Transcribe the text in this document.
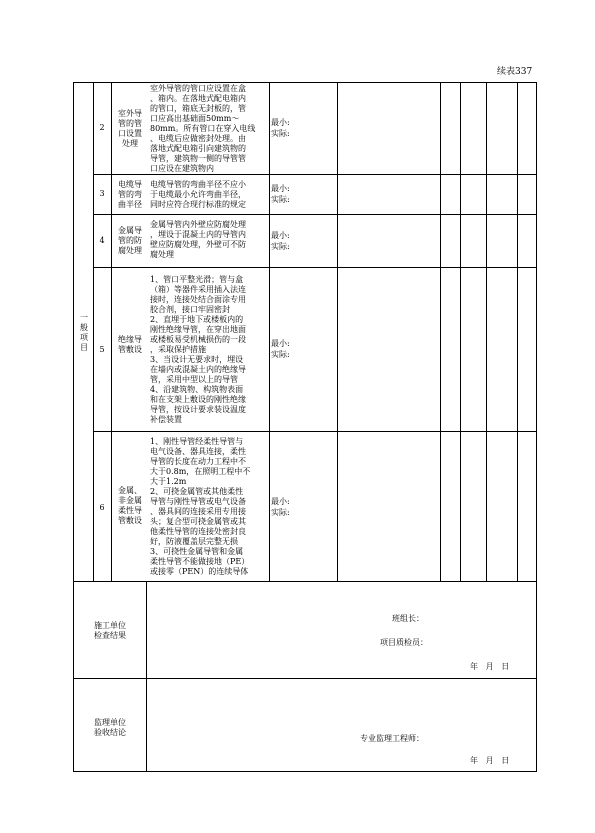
续表337
一
般
项
目
2
室外导
管的管
口设置
处理
室外导管的管口应设置在盒
、箱内。在落地式配电箱内
的管口，箱底无封板的，管
口应高出基础面50mm～
80mm。所有管口在穿入电线
、电缆后应做密封处理。由
落地式配电箱引向建筑物的
导管，建筑物一侧的导管管
口应设在建筑物内
最小:
实际:
3
电缆导
管的弯
曲半径
电缆导管的弯曲半径不应小
于电缆最小允许弯曲半径，
同时应符合现行标准的规定
最小:
实际:
4
金属导
管的防
腐处理
金属导管内外壁应防腐处理
，埋设于混凝土内的导管内
壁应防腐处理，外壁可不防
腐处理
最小:
实际:
5
绝缘导
管敷设
1、管口平整光滑；管与盒
（箱）等器件采用插入法连
接时，连接处结合面涂专用
胶合剂，接口牢固密封
2、直埋于地下或楼板内的
刚性绝缘导管，在穿出地面
或楼板易受机械损伤的一段
，采取保护措施
3、当设计无要求时，埋设
在墙内或混凝土内的绝缘导
管，采用中型以上的导管
4、沿建筑物、构筑物表面
和在支架上敷设的刚性绝缘
导管，按设计要求装设温度
补偿装置
最小:
实际:
6
金属、
非金属
柔性导
管敷设
1、刚性导管经柔性导管与
电气设备、器具连接，柔性
导管的长度在动力工程中不
大于0.8m，在照明工程中不
大于1.2m
2、可挠金属管或其他柔性
导管与刚性导管或电气设备
、器具间的连接采用专用接
头；复合型可挠金属管或其
他柔性导管的连接处密封良
好，防液覆盖层完整无损
3、可挠性金属导管和金属
柔性导管不能做接地（PE）
或接零（PEN）的连续导体
最小:
实际:
施工单位
检查结果
班组长：
项目质检员：
年   月   日
监理单位
验收结论
专业监理工程师：
年   月   日
